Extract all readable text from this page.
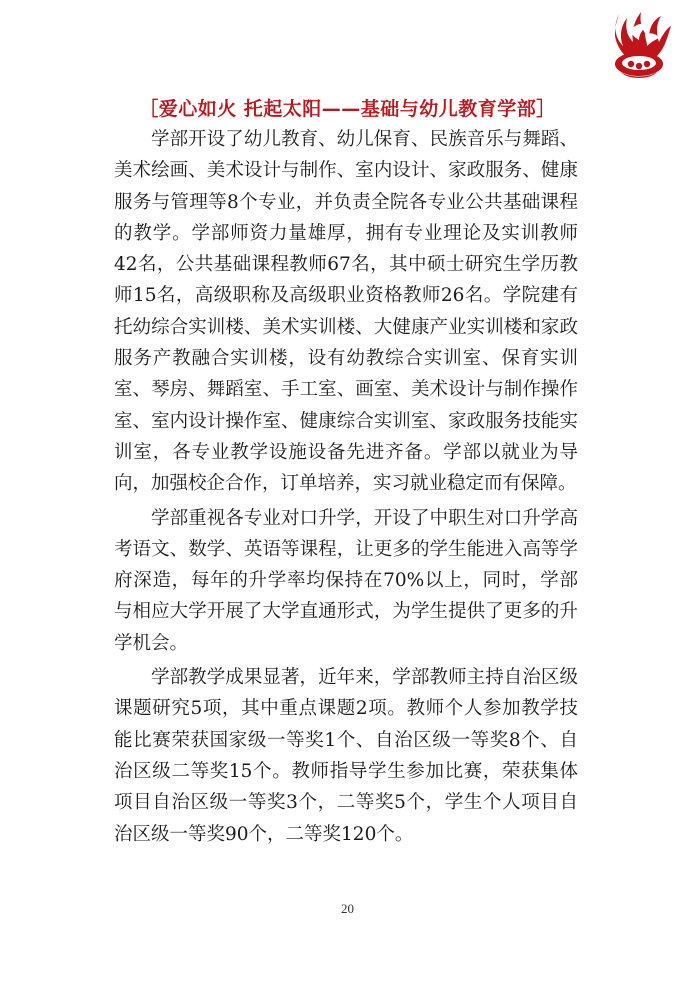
［爱心如火 托起太阳——基础与幼儿教育学部］

学部开设了幼儿教育、幼儿保育、民族音乐与舞蹈、美术绘画、美术设计与制作、室内设计、家政服务、健康服务与管理等8个专业，并负责全院各专业公共基础课程的教学。学部师资力量雄厚，拥有专业理论及实训教师42名，公共基础课程教师67名，其中硕士研究生学历教师15名，高级职称及高级职业资格教师26名。学院建有托幼综合实训楼、美术实训楼、大健康产业实训楼和家政服务产教融合实训楼，设有幼教综合实训室、保育实训室、琴房、舞蹈室、手工室、画室、美术设计与制作操作室、室内设计操作室、健康综合实训室、家政服务技能实训室，各专业教学设施设备先进齐备。学部以就业为导向，加强校企合作，订单培养，实习就业稳定而有保障。

学部重视各专业对口升学，开设了中职生对口升学高考语文、数学、英语等课程，让更多的学生能进入高等学府深造，每年的升学率均保持在70%以上，同时，学部与相应大学开展了大学直通形式，为学生提供了更多的升学机会。

学部教学成果显著，近年来，学部教师主持自治区级课题研究5项，其中重点课题2项。教师个人参加教学技能比赛荣获国家级一等奖1个、自治区级一等奖8个、自治区级二等奖15个。教师指导学生参加比赛，荣获集体项目自治区级一等奖3个，二等奖5个，学生个人项目自治区级一等奖90个，二等奖120个。

20
